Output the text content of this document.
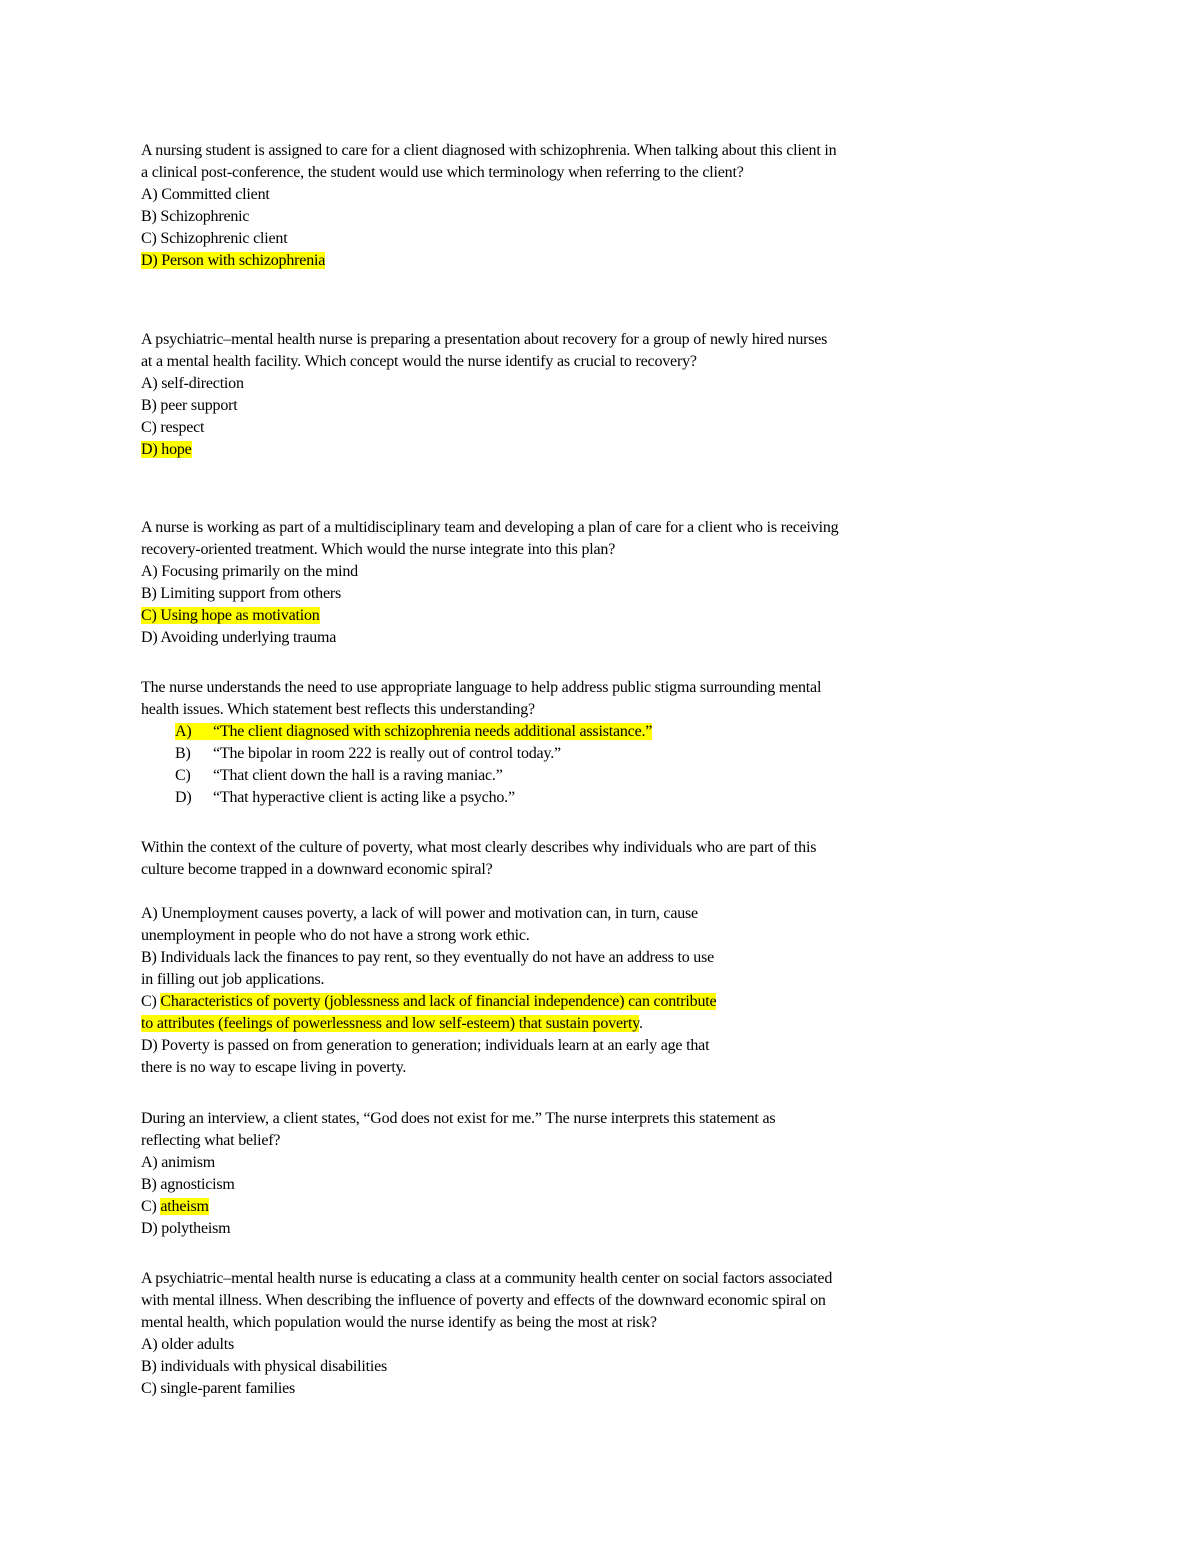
A nursing student is assigned to care for a client diagnosed with schizophrenia. When talking about this client in
a clinical post-conference, the student would use which terminology when referring to the client?
A) Committed client
B) Schizophrenic
C) Schizophrenic client
D) Person with schizophrenia
A psychiatric–mental health nurse is preparing a presentation about recovery for a group of newly hired nurses
at a mental health facility. Which concept would the nurse identify as crucial to recovery?
A) self-direction
B) peer support
C) respect
D) hope
A nurse is working as part of a multidisciplinary team and developing a plan of care for a client who is receiving
recovery-oriented treatment. Which would the nurse integrate into this plan?
A) Focusing primarily on the mind
B) Limiting support from others
C) Using hope as motivation
D) Avoiding underlying trauma
The nurse understands the need to use appropriate language to help address public stigma surrounding mental
health issues. Which statement best reflects this understanding?
A) “The client diagnosed with schizophrenia needs additional assistance.”
B) “The bipolar in room 222 is really out of control today.”
C) “That client down the hall is a raving maniac.”
D) “That hyperactive client is acting like a psycho.”
Within the context of the culture of poverty, what most clearly describes why individuals who are part of this
culture become trapped in a downward economic spiral?
A) Unemployment causes poverty, a lack of will power and motivation can, in turn, cause
unemployment in people who do not have a strong work ethic.
B) Individuals lack the finances to pay rent, so they eventually do not have an address to use
in filling out job applications.
C) Characteristics of poverty (joblessness and lack of financial independence) can contribute
to attributes (feelings of powerlessness and low self-esteem) that sustain poverty.
D) Poverty is passed on from generation to generation; individuals learn at an early age that
there is no way to escape living in poverty.
During an interview, a client states, “God does not exist for me.” The nurse interprets this statement as
reflecting what belief?
A) animism
B) agnosticism
C) atheism
D) polytheism
A psychiatric–mental health nurse is educating a class at a community health center on social factors associated
with mental illness. When describing the influence of poverty and effects of the downward economic spiral on
mental health, which population would the nurse identify as being the most at risk?
A) older adults
B) individuals with physical disabilities
C) single-parent families
